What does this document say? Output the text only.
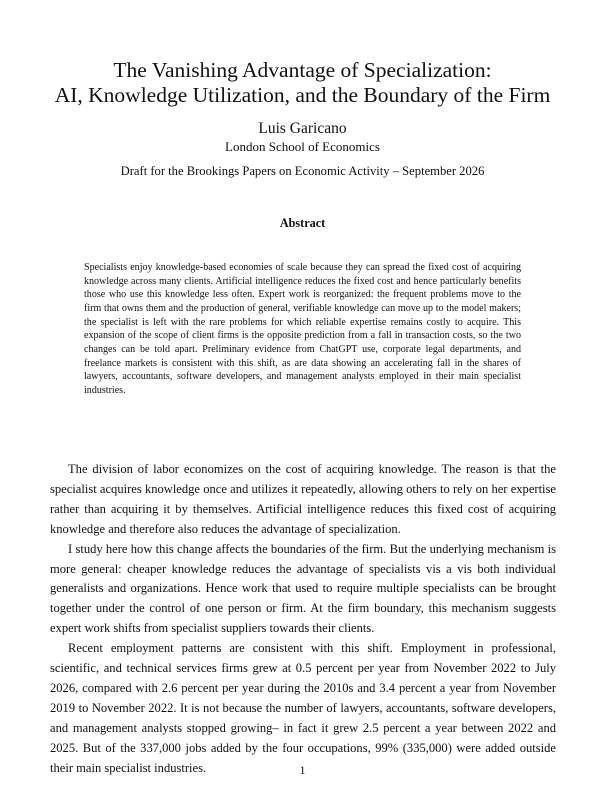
The Vanishing Advantage of Specialization:
AI, Knowledge Utilization, and the Boundary of the Firm
Luis Garicano
London School of Economics
Draft for the Brookings Papers on Economic Activity – September 2026
Abstract

Specialists enjoy knowledge-based economies of scale because they can spread the fixed cost of acquiring knowledge across many clients. Artificial intelligence reduces the fixed cost and hence particularly benefits those who use this knowledge less often. Expert work is reorganized: the frequent problems move to the firm that owns them and the production of general, verifiable knowledge can move up to the model makers; the specialist is left with the rare problems for which reliable expertise remains costly to acquire. This expansion of the scope of client firms is the opposite prediction from a fall in transaction costs, so the two changes can be told apart. Preliminary evidence from ChatGPT use, corporate legal departments, and freelance markets is consistent with this shift, as are data showing an accelerating fall in the shares of lawyers, accountants, software developers, and management analysts employed in their main specialist industries.

The division of labor economizes on the cost of acquiring knowledge. The reason is that the specialist acquires knowledge once and utilizes it repeatedly, allowing others to rely on her expertise rather than acquiring it by themselves. Artificial intelligence reduces this fixed cost of acquiring knowledge and therefore also reduces the advantage of specialization.

I study here how this change affects the boundaries of the firm. But the underlying mechanism is more general: cheaper knowledge reduces the advantage of specialists vis a vis both individual generalists and organizations. Hence work that used to require multiple specialists can be brought together under the control of one person or firm. At the firm boundary, this mechanism suggests expert work shifts from specialist suppliers towards their clients.

Recent employment patterns are consistent with this shift. Employment in professional, scientific, and technical services firms grew at 0.5 percent per year from November 2022 to July 2026, compared with 2.6 percent per year during the 2010s and 3.4 percent a year from November 2019 to November 2022. It is not because the number of lawyers, accountants, software developers, and management analysts stopped growing– in fact it grew 2.5 percent a year between 2022 and 2025. But of the 337,000 jobs added by the four occupations, 99% (335,000) were added outside their main specialist industries.	1
